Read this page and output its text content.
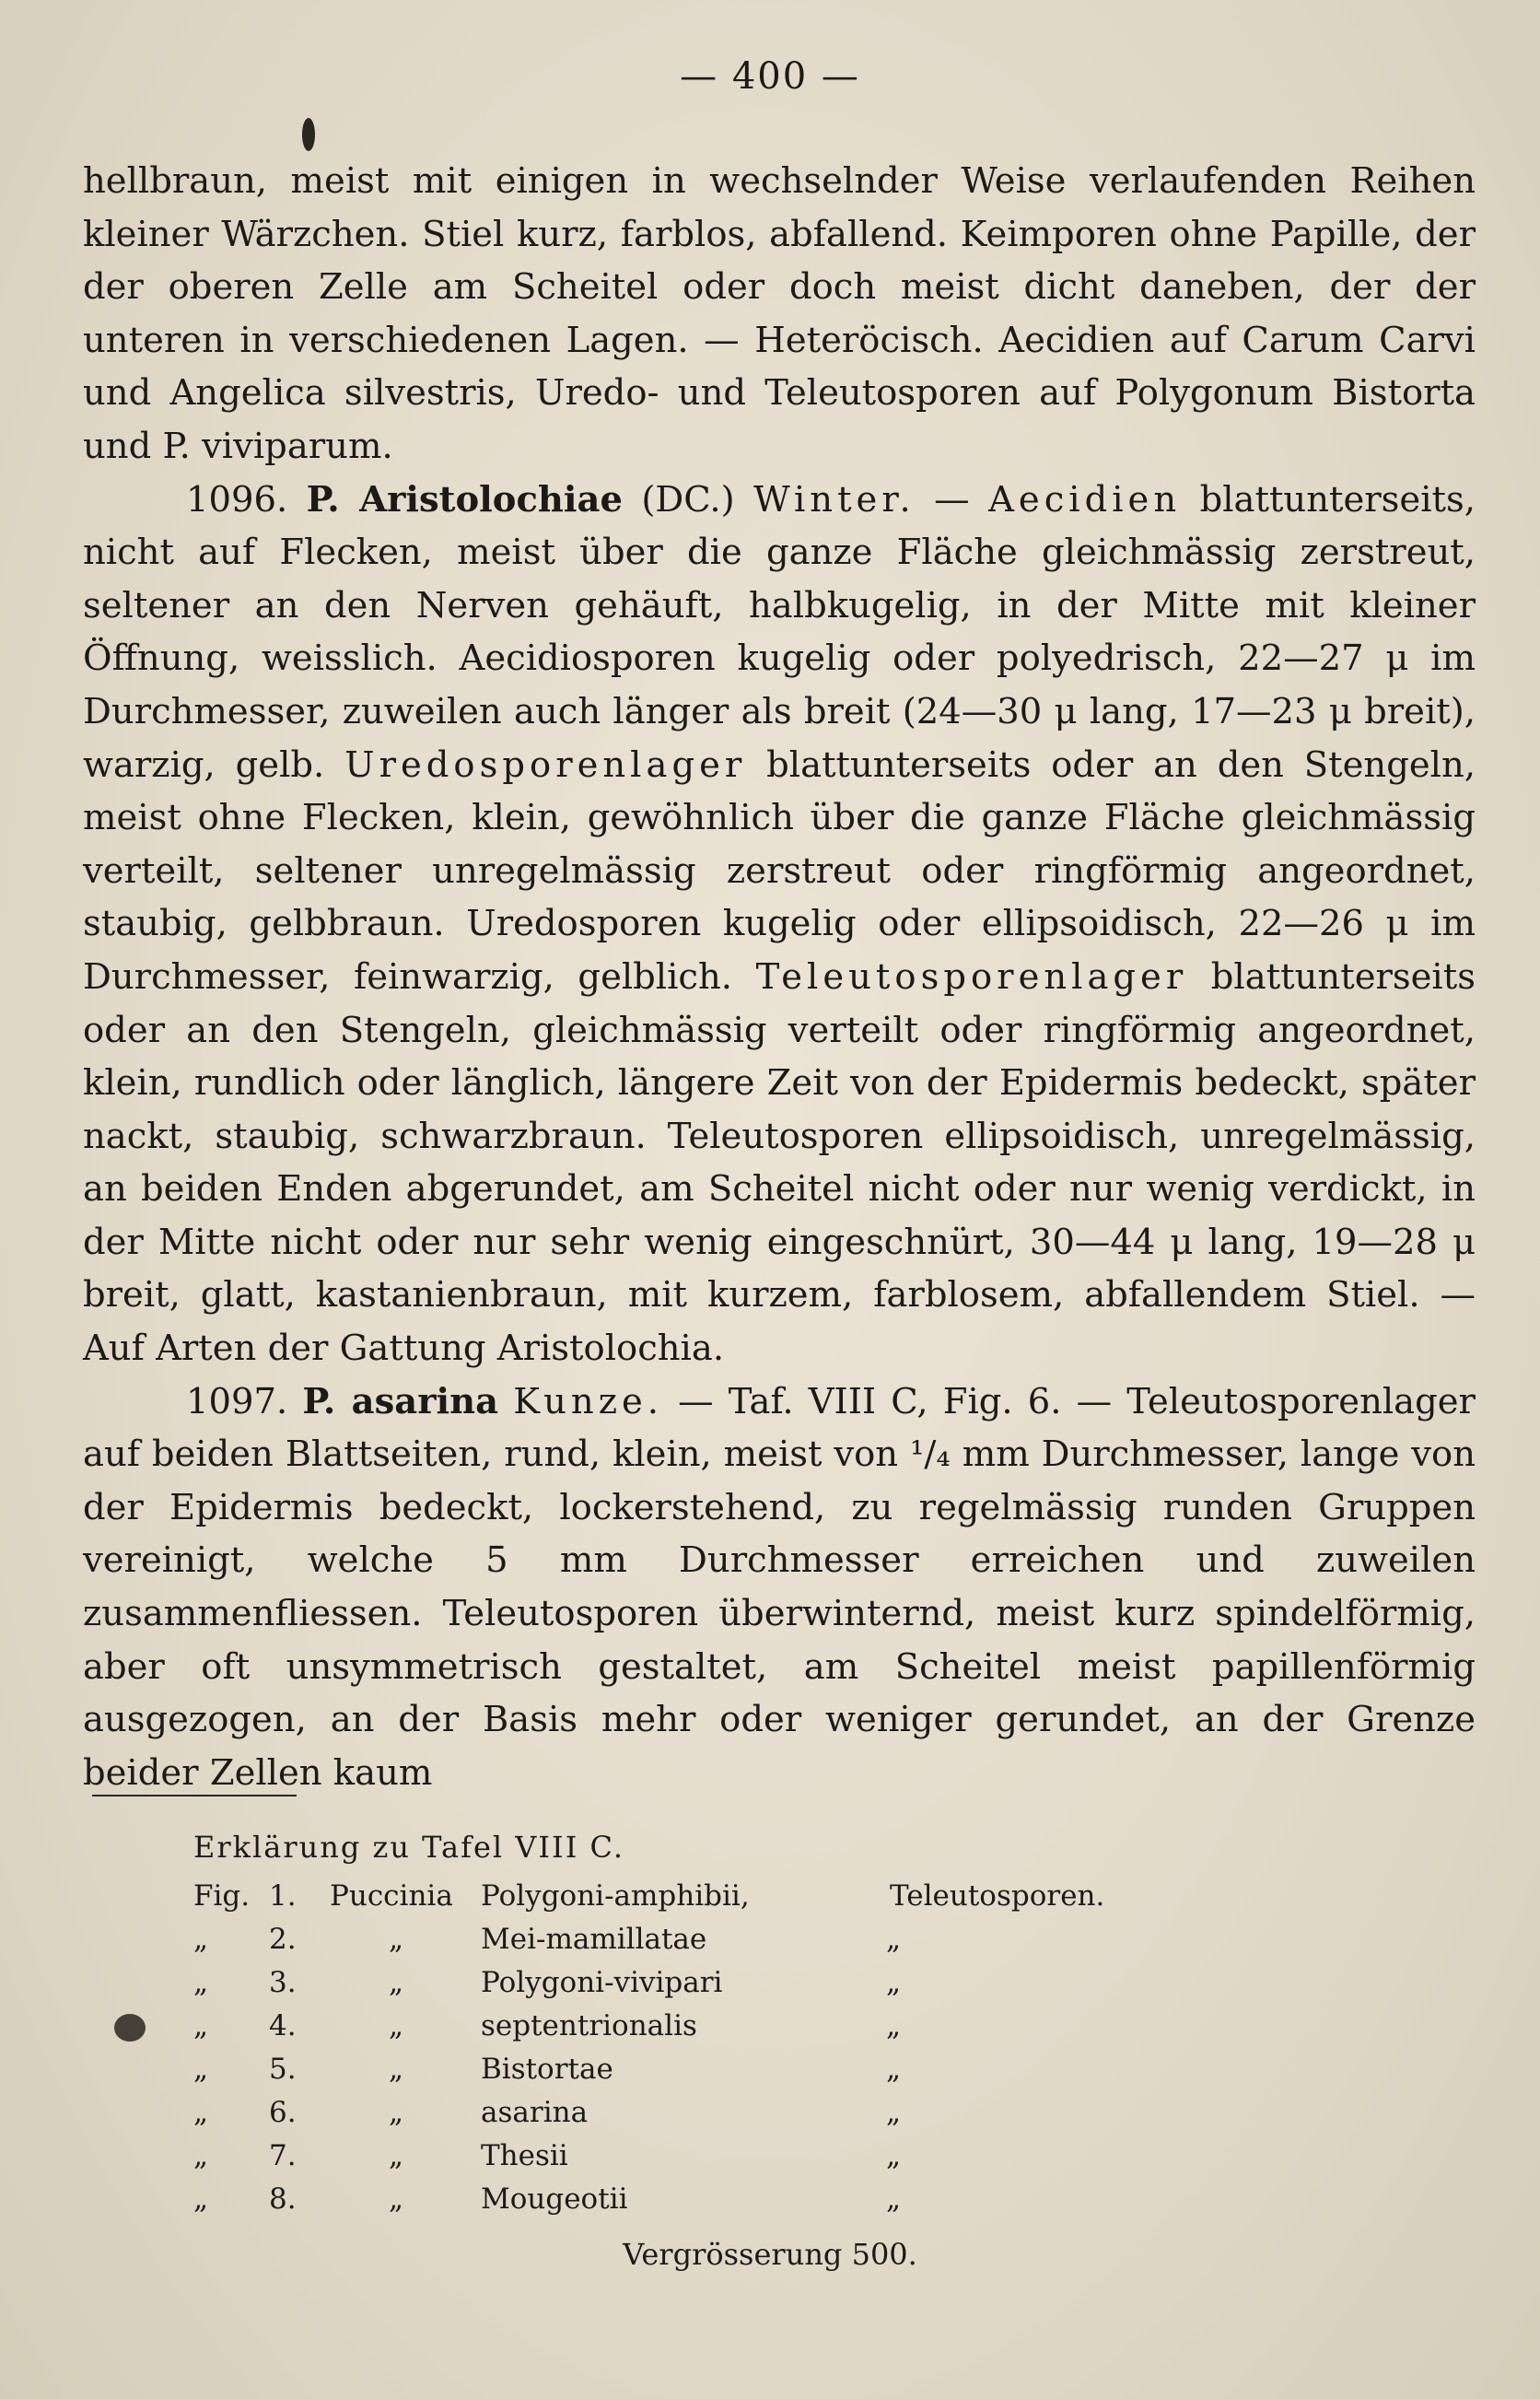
— 400 —

hellbraun, meist mit einigen in wechselnder Weise verlaufenden Reihen kleiner Wärzchen. Stiel kurz, farblos, abfallend. Keimporen ohne Papille, der der oberen Zelle am Scheitel oder doch meist dicht daneben, der der unteren in verschiedenen Lagen. — Heteröcisch. Aecidien auf Carum Carvi und Angelica silvestris, Uredo- und Teleutosporen auf Polygonum Bistorta und P. viviparum.

1096. P. Aristolochiae (DC.) Winter. — Aecidien blattunterseits, nicht auf Flecken, meist über die ganze Fläche gleichmässig zerstreut, seltener an den Nerven gehäuft, halbkugelig, in der Mitte mit kleiner Öffnung, weisslich. Aecidiosporen kugelig oder polyedrisch, 22—27 μ im Durchmesser, zuweilen auch länger als breit (24—30 μ lang, 17—23 μ breit), warzig, gelb. Uredosporenlager blattunterseits oder an den Stengeln, meist ohne Flecken, klein, gewöhnlich über die ganze Fläche gleichmässig verteilt, seltener unregelmässig zerstreut oder ringförmig angeordnet, staubig, gelbbraun. Uredosporen kugelig oder ellipsoidisch, 22—26 μ im Durchmesser, feinwarzig, gelblich. Teleutosporenlager blattunterseits oder an den Stengeln, gleichmässig verteilt oder ringförmig angeordnet, klein, rundlich oder länglich, längere Zeit von der Epidermis bedeckt, später nackt, staubig, schwarzbraun. Teleutosporen ellipsoidisch, unregelmässig, an beiden Enden abgerundet, am Scheitel nicht oder nur wenig verdickt, in der Mitte nicht oder nur sehr wenig eingeschnürt, 30—44 μ lang, 19—28 μ breit, glatt, kastanienbraun, mit kurzem, farblosem, abfallendem Stiel. — Auf Arten der Gattung Aristolochia.

1097. P. asarina Kunze. — Taf. VIII C, Fig. 6. — Teleutosporenlager auf beiden Blattseiten, rund, klein, meist von ¹/₄ mm Durchmesser, lange von der Epidermis bedeckt, lockerstehend, zu regelmässig runden Gruppen vereinigt, welche 5 mm Durchmesser erreichen und zuweilen zusammenfliessen. Teleutosporen überwinternd, meist kurz spindelförmig, aber oft unsymmetrisch gestaltet, am Scheitel meist papillenförmig ausgezogen, an der Basis mehr oder weniger gerundet, an der Grenze beider Zellen kaum

Erklärung zu Tafel VIII C.
Fig. 1. Puccinia Polygoni-amphibii,	Teleutosporen.
„ 2.	„	Mei-mamillatae	„
„ 3.	„	Polygoni-vivipari	„
„ 4.	„	septentrionalis	„
„ 5.	„	Bistortae	„
„ 6.	„	asarina	„
„ 7.	„	Thesii	„
„ 8.	„	Mougeotii	„
Vergrösserung 500.
